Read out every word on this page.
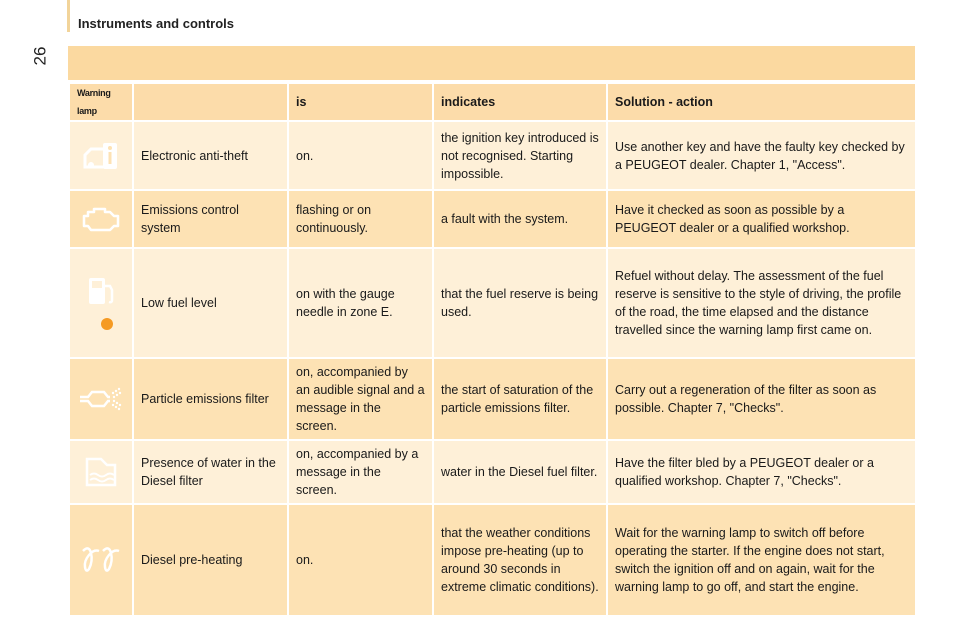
26
Instruments and controls
Warning lamp		is	indicates	Solution - action
	Electronic anti-theft	on.	the ignition key introduced is not recognised. Starting impossible.	Use another key and have the faulty key checked by a PEUGEOT dealer. Chapter 1, "Access".
	Emissions control system	flashing or on continuously.	a fault with the system.	Have it checked as soon as possible by a PEUGEOT dealer or a qualified workshop.
	Low fuel level	on with the gauge needle in zone E.	that the fuel reserve is being used.	Refuel without delay. The assessment of the fuel reserve is sensitive to the style of driving, the profile of the road, the time elapsed and the distance travelled since the warning lamp first came on.
	Particle emissions filter	on, accompanied by an audible signal and a message in the screen.	the start of saturation of the particle emissions filter.	Carry out a regeneration of the filter as soon as possible. Chapter 7, "Checks".
	Presence of water in the Diesel filter	on, accompanied by a message in the screen.	water in the Diesel fuel filter.	Have the filter bled by a PEUGEOT dealer or a qualified workshop. Chapter 7, "Checks".
	Diesel pre-heating	on.	that the weather conditions impose pre-heating (up to around 30 seconds in extreme climatic conditions).	Wait for the warning lamp to switch off before operating the starter. If the engine does not start, switch the ignition off and on again, wait for the warning lamp to go off, and start the engine.
